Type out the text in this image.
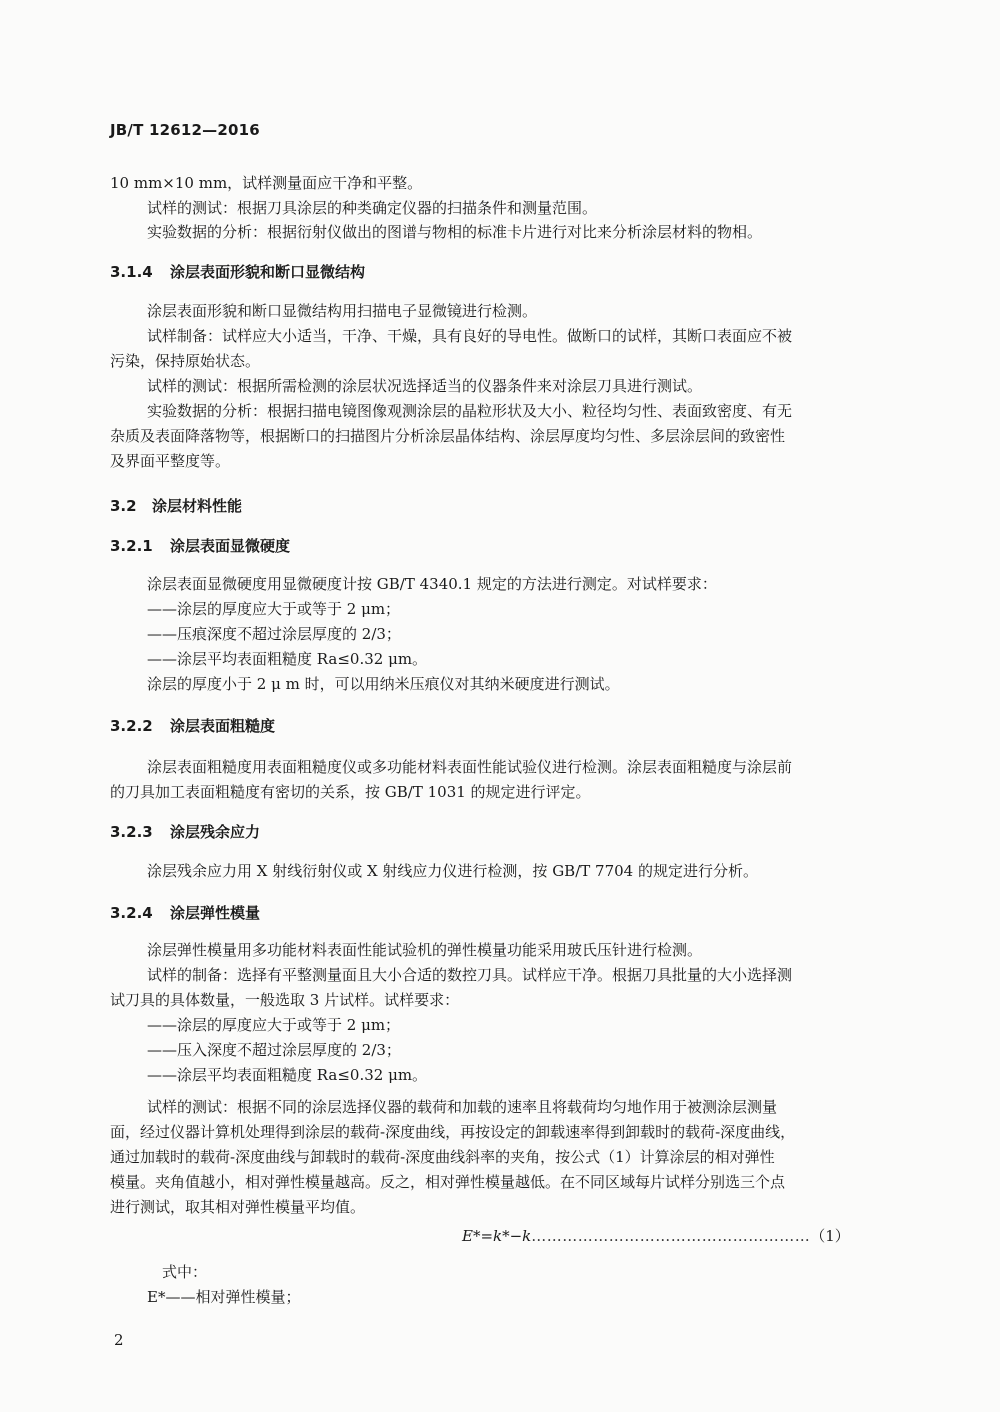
JB/T 12612—2016
10 mm×10 mm，试样测量面应干净和平整。
试样的测试：根据刀具涂层的种类确定仪器的扫描条件和测量范围。
实验数据的分析：根据衍射仪做出的图谱与物相的标准卡片进行对比来分析涂层材料的物相。
3.1.4 涂层表面形貌和断口显微结构
涂层表面形貌和断口显微结构用扫描电子显微镜进行检测。
试样制备：试样应大小适当，干净、干燥，具有良好的导电性。做断口的试样，其断口表面应不被
污染，保持原始状态。
试样的测试：根据所需检测的涂层状况选择适当的仪器条件来对涂层刀具进行测试。
实验数据的分析：根据扫描电镜图像观测涂层的晶粒形状及大小、粒径均匀性、表面致密度、有无
杂质及表面降落物等，根据断口的扫描图片分析涂层晶体结构、涂层厚度均匀性、多层涂层间的致密性
及界面平整度等。
3.2 涂层材料性能
3.2.1 涂层表面显微硬度
涂层表面显微硬度用显微硬度计按 GB/T 4340.1 规定的方法进行测定。对试样要求：
——涂层的厚度应大于或等于 2 μm；
——压痕深度不超过涂层厚度的 2/3；
——涂层平均表面粗糙度 Ra≤0.32 μm。
涂层的厚度小于 2 μ m 时，可以用纳米压痕仪对其纳米硬度进行测试。
3.2.2 涂层表面粗糙度
涂层表面粗糙度用表面粗糙度仪或多功能材料表面性能试验仪进行检测。涂层表面粗糙度与涂层前
的刀具加工表面粗糙度有密切的关系，按 GB/T 1031 的规定进行评定。
3.2.3 涂层残余应力
涂层残余应力用 X 射线衍射仪或 X 射线应力仪进行检测，按 GB/T 7704 的规定进行分析。
3.2.4 涂层弹性模量
涂层弹性模量用多功能材料表面性能试验机的弹性模量功能采用玻氏压针进行检测。
试样的制备：选择有平整测量面且大小合适的数控刀具。试样应干净。根据刀具批量的大小选择测
试刀具的具体数量，一般选取 3 片试样。试样要求：
——涂层的厚度应大于或等于 2 μm；
——压入深度不超过涂层厚度的 2/3；
——涂层平均表面粗糙度 Ra≤0.32 μm。
试样的测试：根据不同的涂层选择仪器的载荷和加载的速率且将载荷均匀地作用于被测涂层测量
面，经过仪器计算机处理得到涂层的载荷-深度曲线，再按设定的卸载速率得到卸载时的载荷-深度曲线，
通过加载时的载荷-深度曲线与卸载时的载荷-深度曲线斜率的夹角，按公式（1）计算涂层的相对弹性
模量。夹角值越小，相对弹性模量越高。反之，相对弹性模量越低。在不同区域每片试样分别选三个点
进行测试，取其相对弹性模量平均值。
E*=k*−k………………………………………………（1）
式中：
E*——相对弹性模量；
2
